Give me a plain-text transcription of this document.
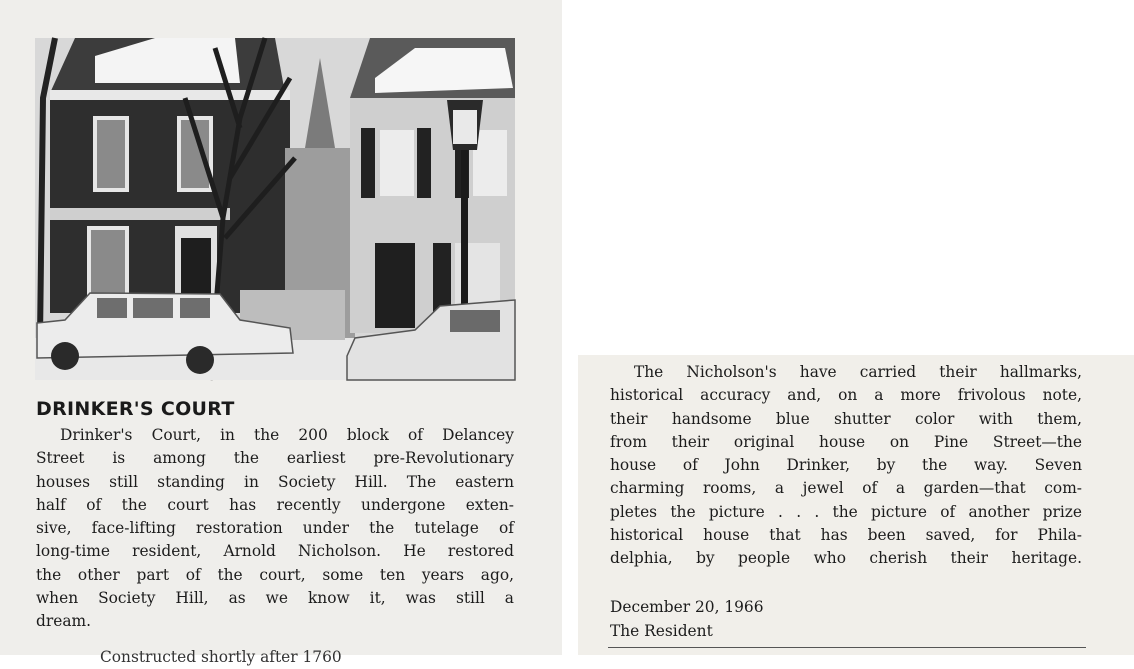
DRINKER'S COURT
Drinker's Court, in the 200 block of Delancey
Street is among the earliest pre-Revolutionary
houses still standing in Society Hill. The eastern
half of the court has recently undergone exten-
sive, face-lifting restoration under the tutelage of
long-time resident, Arnold Nicholson. He restored
the other part of the court, some ten years ago,
when Society Hill, as we know it, was still a
dream.
Constructed shortly after 1760
The Nicholson's have carried their hallmarks,
historical accuracy and, on a more frivolous note,
their handsome blue shutter color with them,
from their original house on Pine Street—the
house of John Drinker, by the way. Seven
charming rooms, a jewel of a garden—that com-
pletes the picture . . . the picture of another prize
historical house that has been saved, for Phila-
delphia, by people who cherish their heritage.
December 20, 1966
The Resident
